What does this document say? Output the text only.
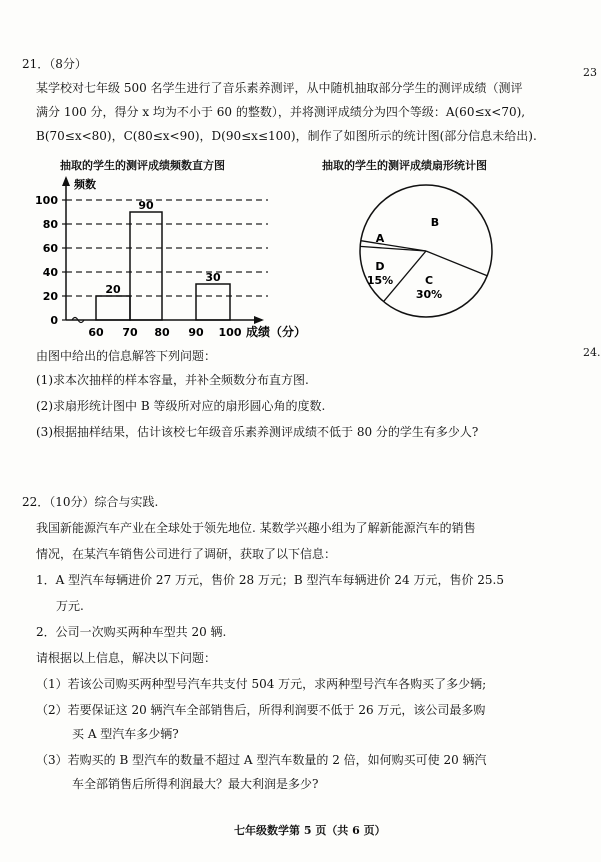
23
24.
21．（8分）
某学校对七年级 500 名学生进行了音乐素养测评，从中随机抽取部分学生的测评成绩（测评
满分 100 分，得分 x 均为不小于 60 的整数），并将测评成绩分为四个等级：A(60≤x<70),
B(70≤x<80)，C(80≤x<90)，D(90≤x≤100)，制作了如图所示的统计图(部分信息未给出).
抽取的学生的测评成绩频数直方图	抽取的学生的测评成绩扇形统计图
0
20
40
60
80
100
频数
20
90
30
60 70 80 90 100 成绩（分）
A
B
C
30%
D
15%
由图中给出的信息解答下列问题：
(1)求本次抽样的样本容量，并补全频数分布直方图.
(2)求扇形统计图中 B 等级所对应的扇形圆心角的度数.
(3)根据抽样结果，估计该校七年级音乐素养测评成绩不低于 80 分的学生有多少人?
22．（10分）综合与实践.
我国新能源汽车产业在全球处于领先地位. 某数学兴趣小组为了解新能源汽车的销售
情况，在某汽车销售公司进行了调研，获取了以下信息：
1．A 型汽车每辆进价 27 万元，售价 28 万元；B 型汽车每辆进价 24 万元，售价 25.5
万元.
2．公司一次购买两种车型共 20 辆.
请根据以上信息，解决以下问题：
（1）若该公司购买两种型号汽车共支付 504 万元，求两种型号汽车各购买了多少辆;
（2）若要保证这 20 辆汽车全部销售后，所得利润要不低于 26 万元，该公司最多购
买 A 型汽车多少辆?
（3）若购买的 B 型汽车的数量不超过 A 型汽车数量的 2 倍，如何购买可使 20 辆汽
车全部销售后所得利润最大？最大利润是多少?
七年级数学第 5 页（共 6 页）
